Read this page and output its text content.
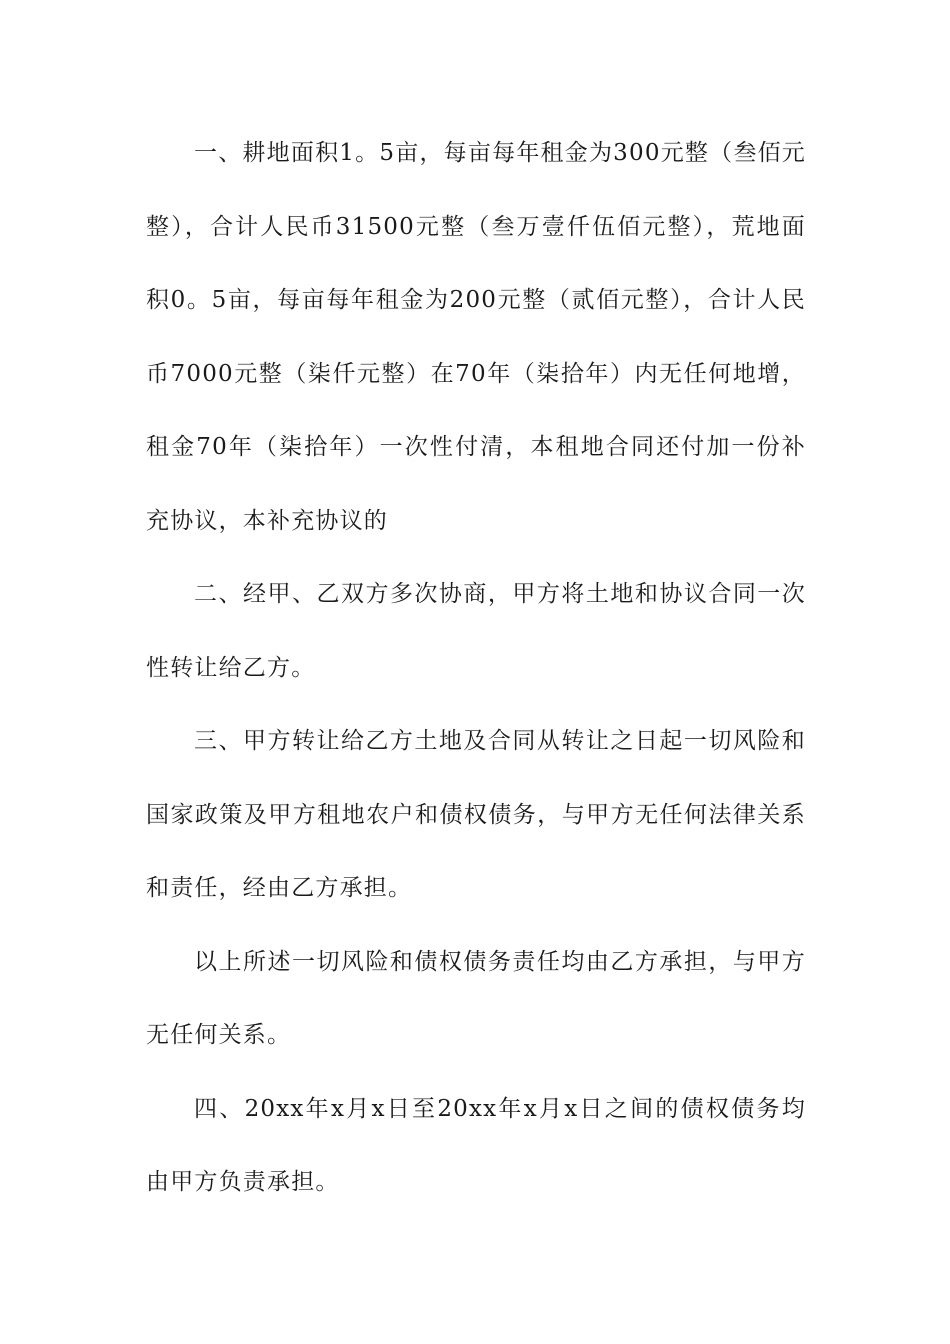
一、耕地面积1。5亩，每亩每年租金为300元整（叁佰元整），合计人民币31500元整（叁万壹仟伍佰元整），荒地面积0。5亩，每亩每年租金为200元整（贰佰元整），合计人民币7000元整（柒仟元整）在70年（柒拾年）内无任何地增，租金70年（柒拾年）一次性付清，本租地合同还付加一份补充协议，本补充协议的

二、经甲、乙双方多次协商，甲方将土地和协议合同一次性转让给乙方。

三、甲方转让给乙方土地及合同从转让之日起一切风险和国家政策及甲方租地农户和债权债务，与甲方无任何法律关系和责任，经由乙方承担。

以上所述一切风险和债权债务责任均由乙方承担，与甲方无任何关系。

四、20xx年x月x日至20xx年x月x日之间的债权债务均由甲方负责承担。
